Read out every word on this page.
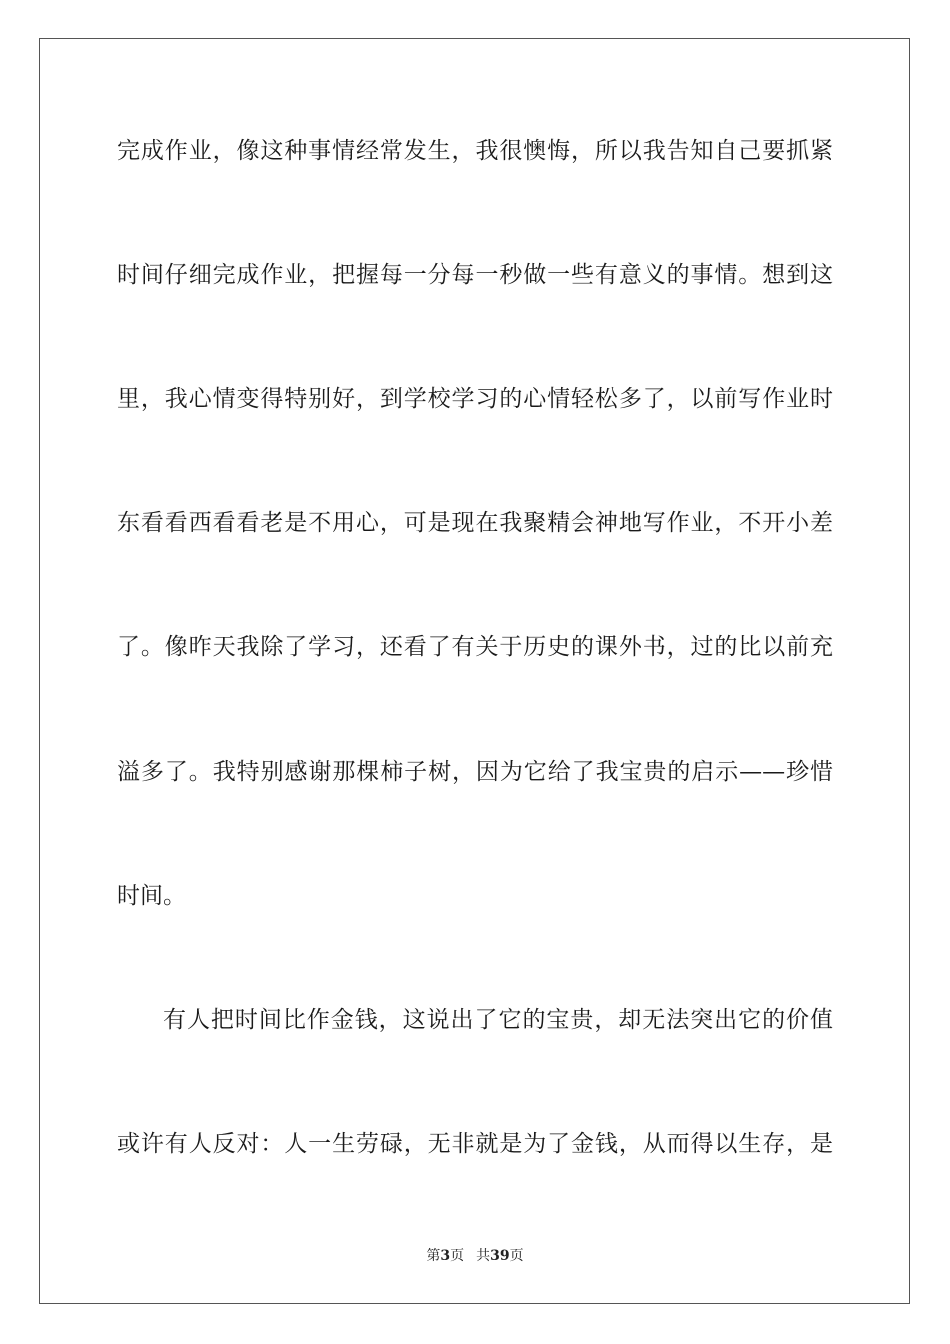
完成作业，像这种事情经常发生，我很懊悔，所以我告知自己要抓紧
时间仔细完成作业，把握每一分每一秒做一些有意义的事情。想到这
里，我心情变得特别好，到学校学习的心情轻松多了，以前写作业时
东看看西看看老是不用心，可是现在我聚精会神地写作业，不开小差
了。像昨天我除了学习，还看了有关于历史的课外书，过的比以前充
溢多了。我特别感谢那棵柿子树，因为它给了我宝贵的启示——珍惜
时间。
有人把时间比作金钱，这说出了它的宝贵，却无法突出它的价值
或许有人反对：人一生劳碌，无非就是为了金钱，从而得以生存，是
第3页 共39页
